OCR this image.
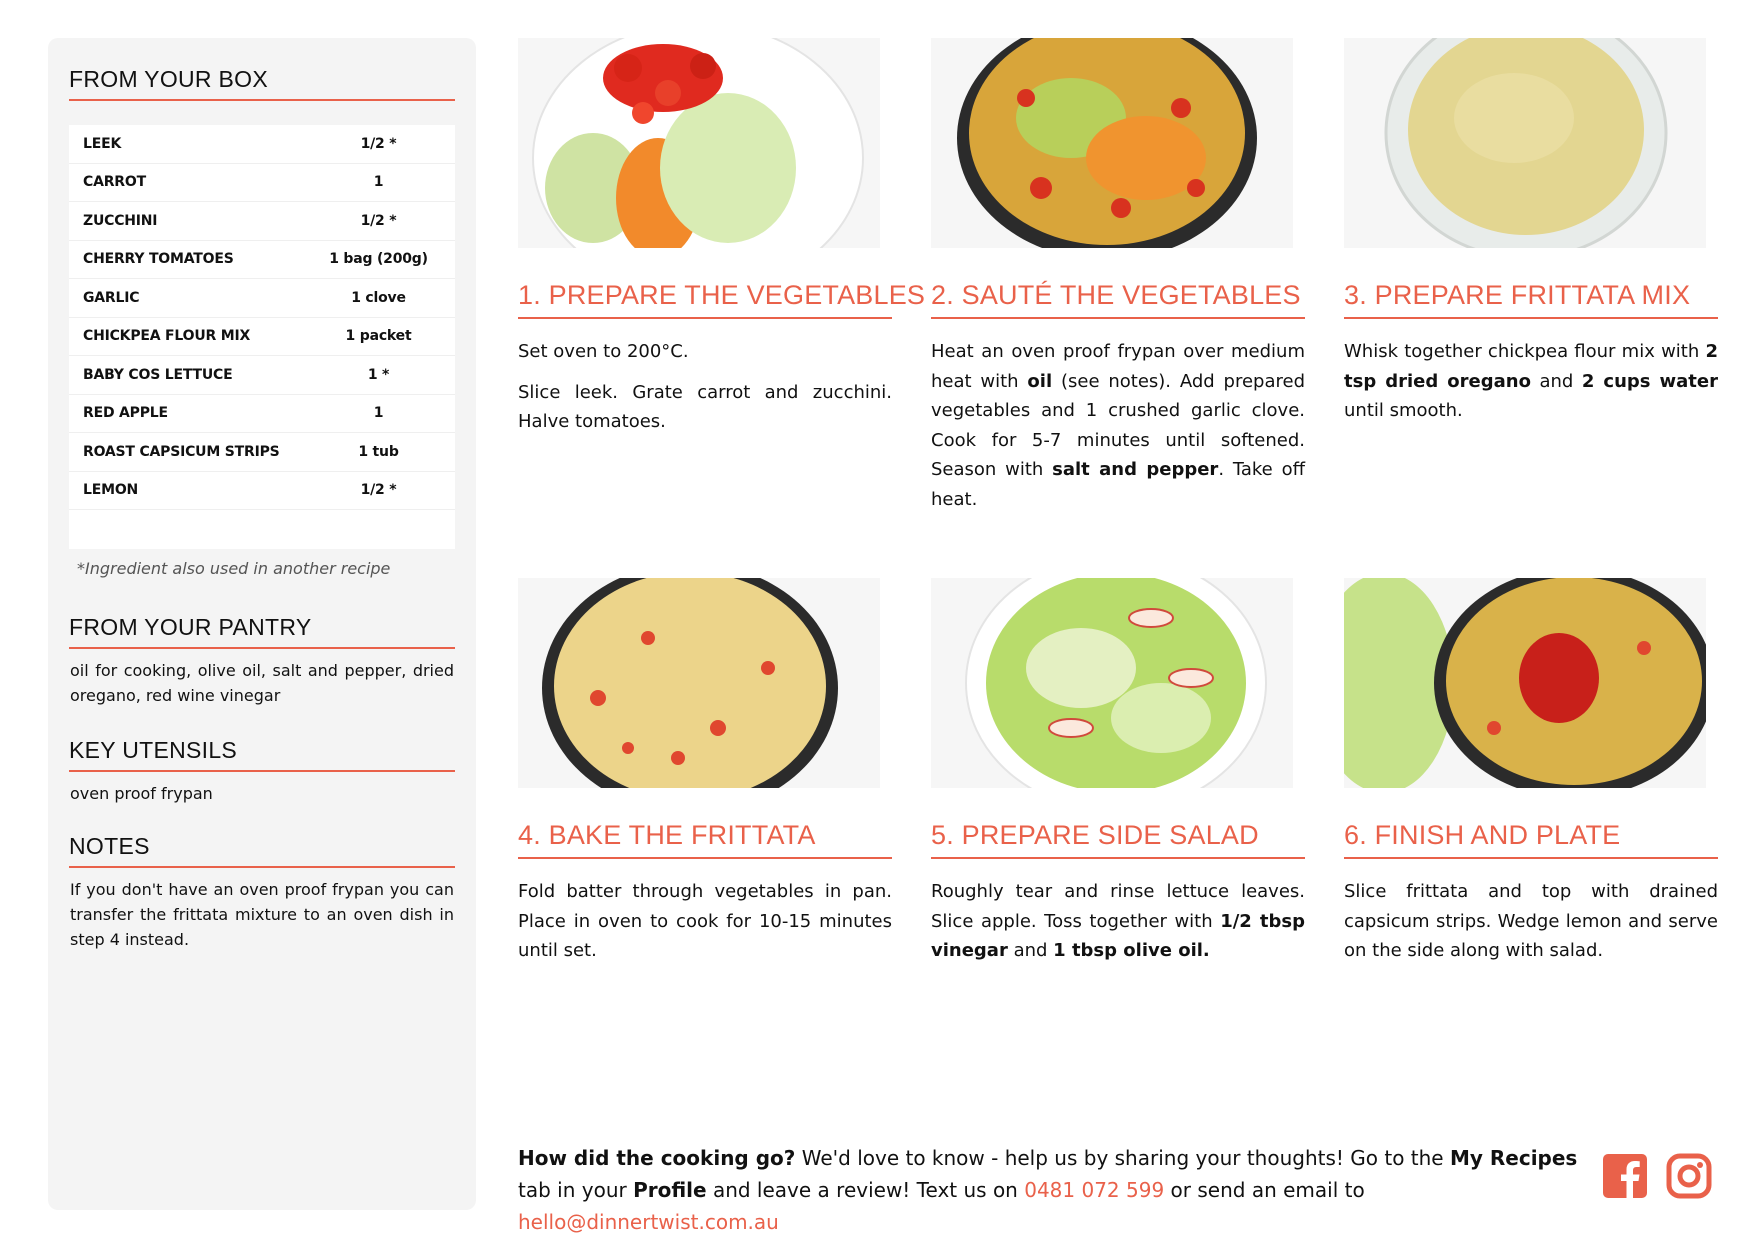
FROM YOUR BOX
LEEK	1/2 *
CARROT	1
ZUCCHINI	1/2 *
CHERRY TOMATOES	1 bag (200g)
GARLIC	1 clove
CHICKPEA FLOUR MIX	1 packet
BABY COS LETTUCE	1 *
RED APPLE	1
ROAST CAPSICUM STRIPS	1 tub
LEMON	1/2 *
*Ingredient also used in another recipe
FROM YOUR PANTRY
oil for cooking, olive oil, salt and pepper, dried oregano, red wine vinegar
KEY UTENSILS
oven proof frypan
NOTES
If you don't have an oven proof frypan you can transfer the frittata mixture to an oven dish in step 4 instead.
1. PREPARE THE VEGETABLES

Set oven to 200°C.

Slice leek. Grate carrot and zucchini. Halve tomatoes.

2. SAUTÉ THE VEGETABLES

Heat an oven proof frypan over medium heat with oil (see notes). Add prepared vegetables and 1 crushed garlic clove. Cook for 5-7 minutes until softened. Season with salt and pepper. Take off heat.

3. PREPARE FRITTATA MIX

Whisk together chickpea flour mix with 2 tsp dried oregano and 2 cups water until smooth.

4. BAKE THE FRITTATA

Fold batter through vegetables in pan. Place in oven to cook for 10-15 minutes until set.

5. PREPARE SIDE SALAD

Roughly tear and rinse lettuce leaves. Slice apple. Toss together with 1/2 tbsp vinegar and 1 tbsp olive oil.

6. FINISH AND PLATE

Slice frittata and top with drained capsicum strips. Wedge lemon and serve on the side along with salad.

How did the cooking go? We'd love to know - help us by sharing your thoughts! Go to the My Recipes tab in your Profile and leave a review! Text us on 0481 072 599 or send an email to hello@dinnertwist.com.au
